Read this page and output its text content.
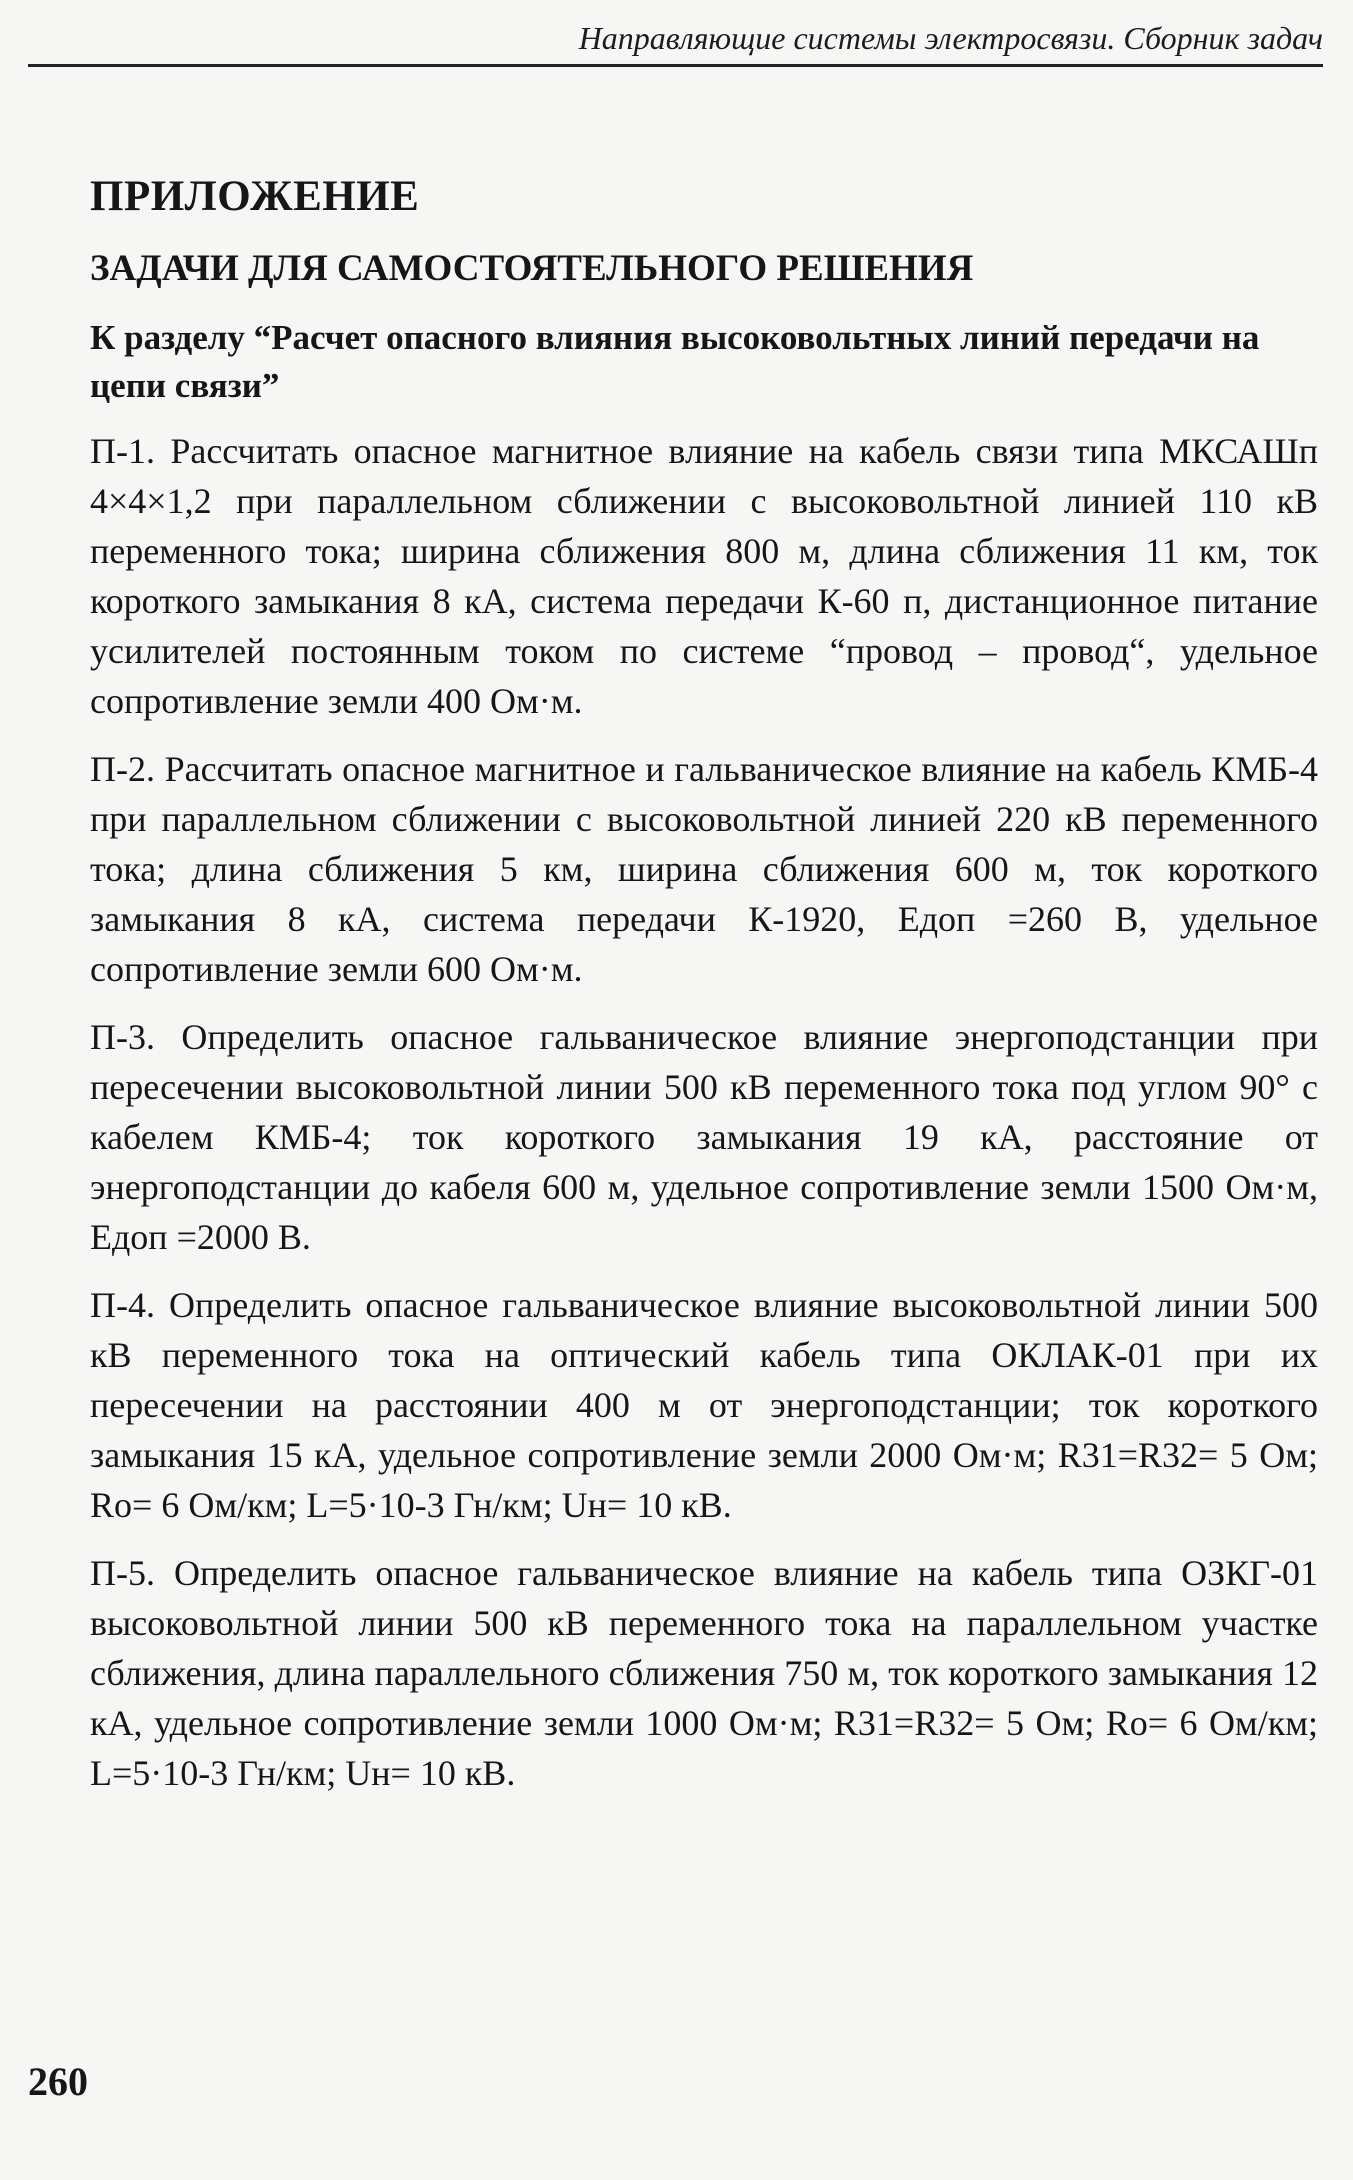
Направляющие системы электросвязи. Сборник задач
ПРИЛОЖЕНИЕ
ЗАДАЧИ ДЛЯ САМОСТОЯТЕЛЬНОГО РЕШЕНИЯ
К разделу “Расчет опасного влияния высоковольтных линий передачи на цепи связи”

П-1. Рассчитать опасное магнитное влияние на кабель связи типа МКСАШп 4×4×1,2 при параллельном сближении с высоковольтной линией 110 кВ переменного тока; ширина сближения 800 м, длина сближения 11 км, ток короткого замыкания 8 кА, система передачи К-60 п, дистанционное питание усилителей постоянным током по системе “провод – провод“, удельное сопротивление земли 400 Ом·м.

П-2. Рассчитать опасное магнитное и гальваническое влияние на кабель КМБ-4 при параллельном сближении с высоковольтной линией 220 кВ переменного тока; длина сближения 5 км, ширина сближения 600 м, ток короткого замыкания 8 кА, система передачи К-1920, Eдоп =260 В, удельное сопротивление земли 600 Ом·м.

П-3. Определить опасное гальваническое влияние энергоподстанции при пересечении высоковольтной линии 500 кВ переменного тока под углом 90° с кабелем КМБ-4; ток короткого замыкания 19 кА, расстояние от энергоподстанции до кабеля 600 м, удельное сопротивление земли 1500 Ом·м, Eдоп =2000 В.

П-4. Определить опасное гальваническое влияние высоковольтной линии 500 кВ переменного тока на оптический кабель типа ОКЛАК-01 при их пересечении на расстоянии 400 м от энергоподстанции; ток короткого замыкания 15 кА, удельное сопротивление земли 2000 Ом·м; R31=R32= 5 Ом; Rо= 6 Ом/км; L=5·10-3 Гн/км; Uн= 10 кВ.

П-5. Определить опасное гальваническое влияние на кабель типа ОЗКГ-01 высоковольтной линии 500 кВ переменного тока на параллельном участке сближения, длина параллельного сближения 750 м, ток короткого замыкания 12 кА, удельное сопротивление земли 1000 Ом·м; R31=R32= 5 Ом; Rо= 6 Ом/км; L=5·10-3 Гн/км; Uн= 10 кВ.

260
